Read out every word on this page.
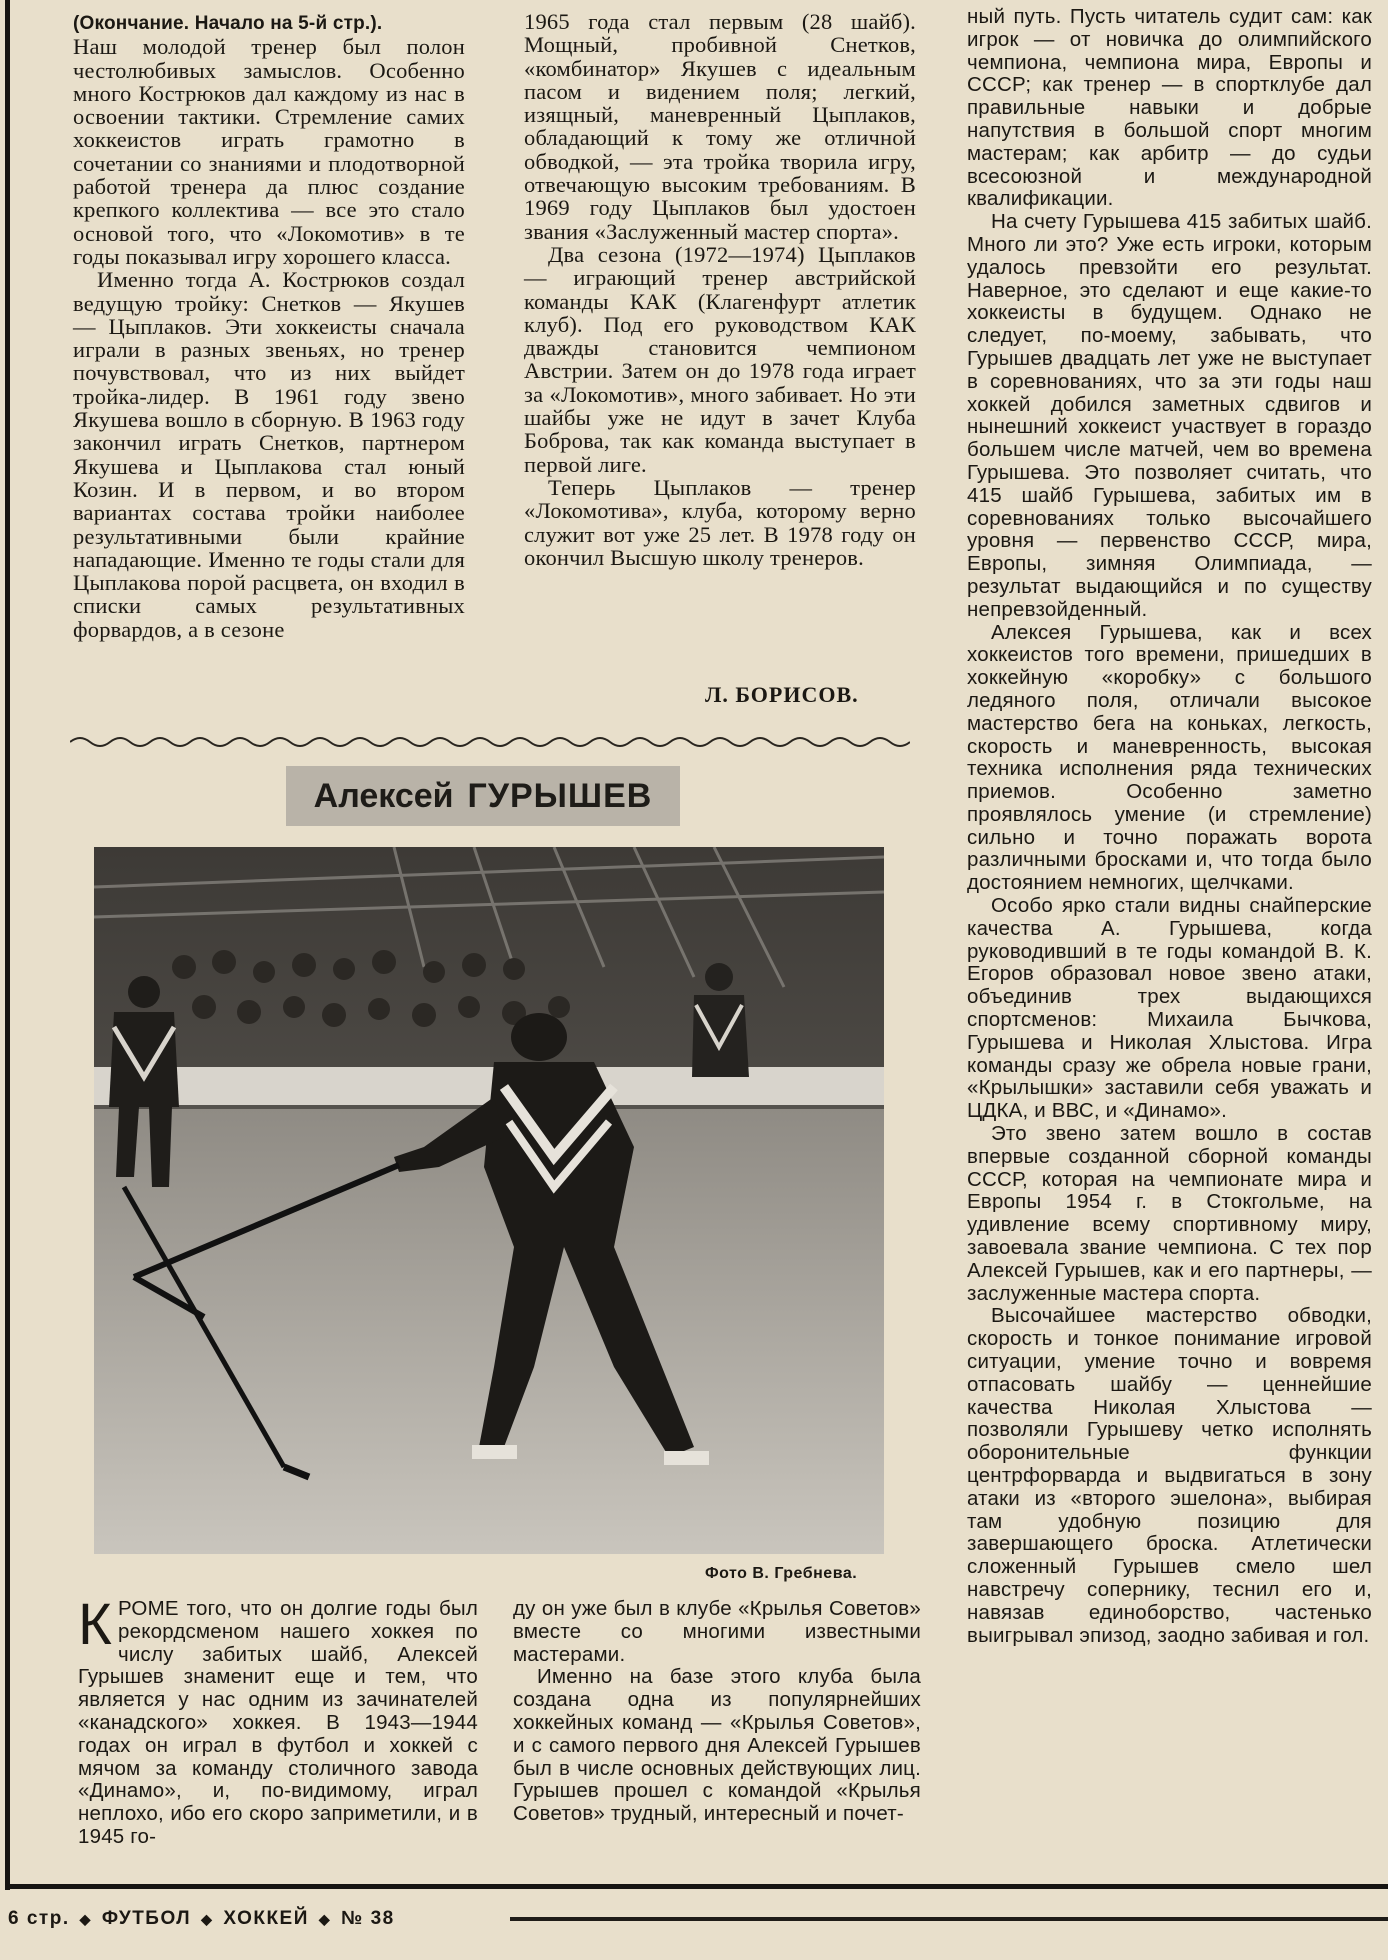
(Окончание. Начало на 5-й стр.).

Наш молодой тренер был полон честолюбивых замыслов. Особенно много Кострюков дал каждому из нас в освоении тактики. Стремление самих хоккеистов играть грамотно в сочетании со знаниями и плодотворной работой тренера да плюс создание крепкого коллектива — все это стало основой того, что «Локомотив» в те годы показывал игру хорошего класса.

Именно тогда А. Кострюков создал ведущую тройку: Снетков — Якушев — Цыплаков. Эти хоккеисты сначала играли в разных звеньях, но тренер почувствовал, что из них выйдет тройка-лидер. В 1961 году звено Якушева вошло в сборную. В 1963 году закончил играть Снетков, партнером Якушева и Цыплакова стал юный Козин. И в первом, и во втором вариантах состава тройки наиболее результативными были крайние нападающие. Именно те годы стали для Цыплакова порой расцвета, он входил в списки самых результативных форвардов, а в сезоне

1965 года стал первым (28 шайб). Мощный, пробивной Снетков, «комбинатор» Якушев с идеальным пасом и видением поля; легкий, изящный, маневренный Цыплаков, обладающий к тому же отличной обводкой, — эта тройка творила игру, отвечающую высоким требованиям. В 1969 году Цыплаков был удостоен звания «Заслуженный мастер спорта».

Два сезона (1972—1974) Цыплаков — играющий тренер австрийской команды КАК (Клагенфурт атлетик клуб). Под его руководством КАК дважды становится чемпионом Австрии. Затем он до 1978 года играет за «Локомотив», много забивает. Но эти шайбы уже не идут в зачет Клуба Боброва, так как команда выступает в первой лиге.

Теперь Цыплаков — тренер «Локомотива», клуба, которому верно служит вот уже 25 лет. В 1978 году он окончил Высшую школу тренеров.

Л. БОРИСОВ.

ный путь. Пусть читатель судит сам: как игрок — от новичка до олимпийского чемпиона, чемпиона мира, Европы и СССР; как тренер — в спортклубе дал правильные навыки и добрые напутствия в большой спорт многим мастерам; как арбитр — до судьи всесоюзной и международной квалификации.

На счету Гурышева 415 забитых шайб. Много ли это? Уже есть игроки, которым удалось превзойти его результат. Наверное, это сделают и еще какие-то хоккеисты в будущем. Однако не следует, по-моему, забывать, что Гурышев двадцать лет уже не выступает в соревнованиях, что за эти годы наш хоккей добился заметных сдвигов и нынешний хоккеист участвует в гораздо большем числе матчей, чем во времена Гурышева. Это позволяет считать, что 415 шайб Гурышева, забитых им в соревнованиях только высочайшего уровня — первенство СССР, мира, Европы, зимняя Олимпиада, — результат выдающийся и по существу непревзойденный.

Алексея Гурышева, как и всех хоккеистов того времени, пришедших в хоккейную «коробку» с большого ледяного поля, отличали высокое мастерство бега на коньках, легкость, скорость и маневренность, высокая техника исполнения ряда технических приемов. Особенно заметно проявлялось умение (и стремление) сильно и точно поражать ворота различными бросками и, что тогда было достоянием немногих, щелчками.

Особо ярко стали видны снайперские качества А. Гурышева, когда руководивший в те годы командой В. К. Егоров образовал новое звено атаки, объединив трех выдающихся спортсменов: Михаила Бычкова, Гурышева и Николая Хлыстова. Игра команды сразу же обрела новые грани, «Крылышки» заставили себя уважать и ЦДКА, и ВВС, и «Динамо».

Это звено затем вошло в состав впервые созданной сборной команды СССР, которая на чемпионате мира и Европы 1954 г. в Стокгольме, на удивление всему спортивному миру, завоевала звание чемпиона. С тех пор Алексей Гурышев, как и его партнеры, — заслуженные мастера спорта.

Высочайшее мастерство обводки, скорость и тонкое понимание игровой ситуации, умение точно и вовремя отпасовать шайбу — ценнейшие качества Николая Хлыстова — позволяли Гурышеву четко исполнять оборонительные функции центрфорварда и выдвигаться в зону атаки из «второго эшелона», выбирая там удобную позицию для завершающего броска. Атлетически сложенный Гурышев смело шел навстречу сопернику, теснил его и, навязав единоборство, частенько выигрывал эпизод, заодно забивая и гол.

Алексей ГУРЫШЕВ
Фото В. Гребнева.

КРОМЕ того, что он долгие годы был рекордсменом нашего хоккея по числу забитых шайб, Алексей Гурышев знаменит еще и тем, что является у нас одним из зачинателей «канадского» хоккея. В 1943—1944 годах он играл в футбол и хоккей с мячом за команду столичного завода «Динамо», и, по-видимому, играл неплохо, ибо его скоро заприметили, и в 1945 го-

ду он уже был в клубе «Крылья Советов» вместе со многими известными мастерами.

Именно на базе этого клуба была создана одна из популярнейших хоккейных команд — «Крылья Советов», и с самого первого дня Алексей Гурышев был в числе основных действующих лиц. Гурышев прошел с командой «Крылья Советов» трудный, интересный и почет-

6 стр. ◆ ФУТБОЛ ◆ ХОККЕЙ ◆ № 38
